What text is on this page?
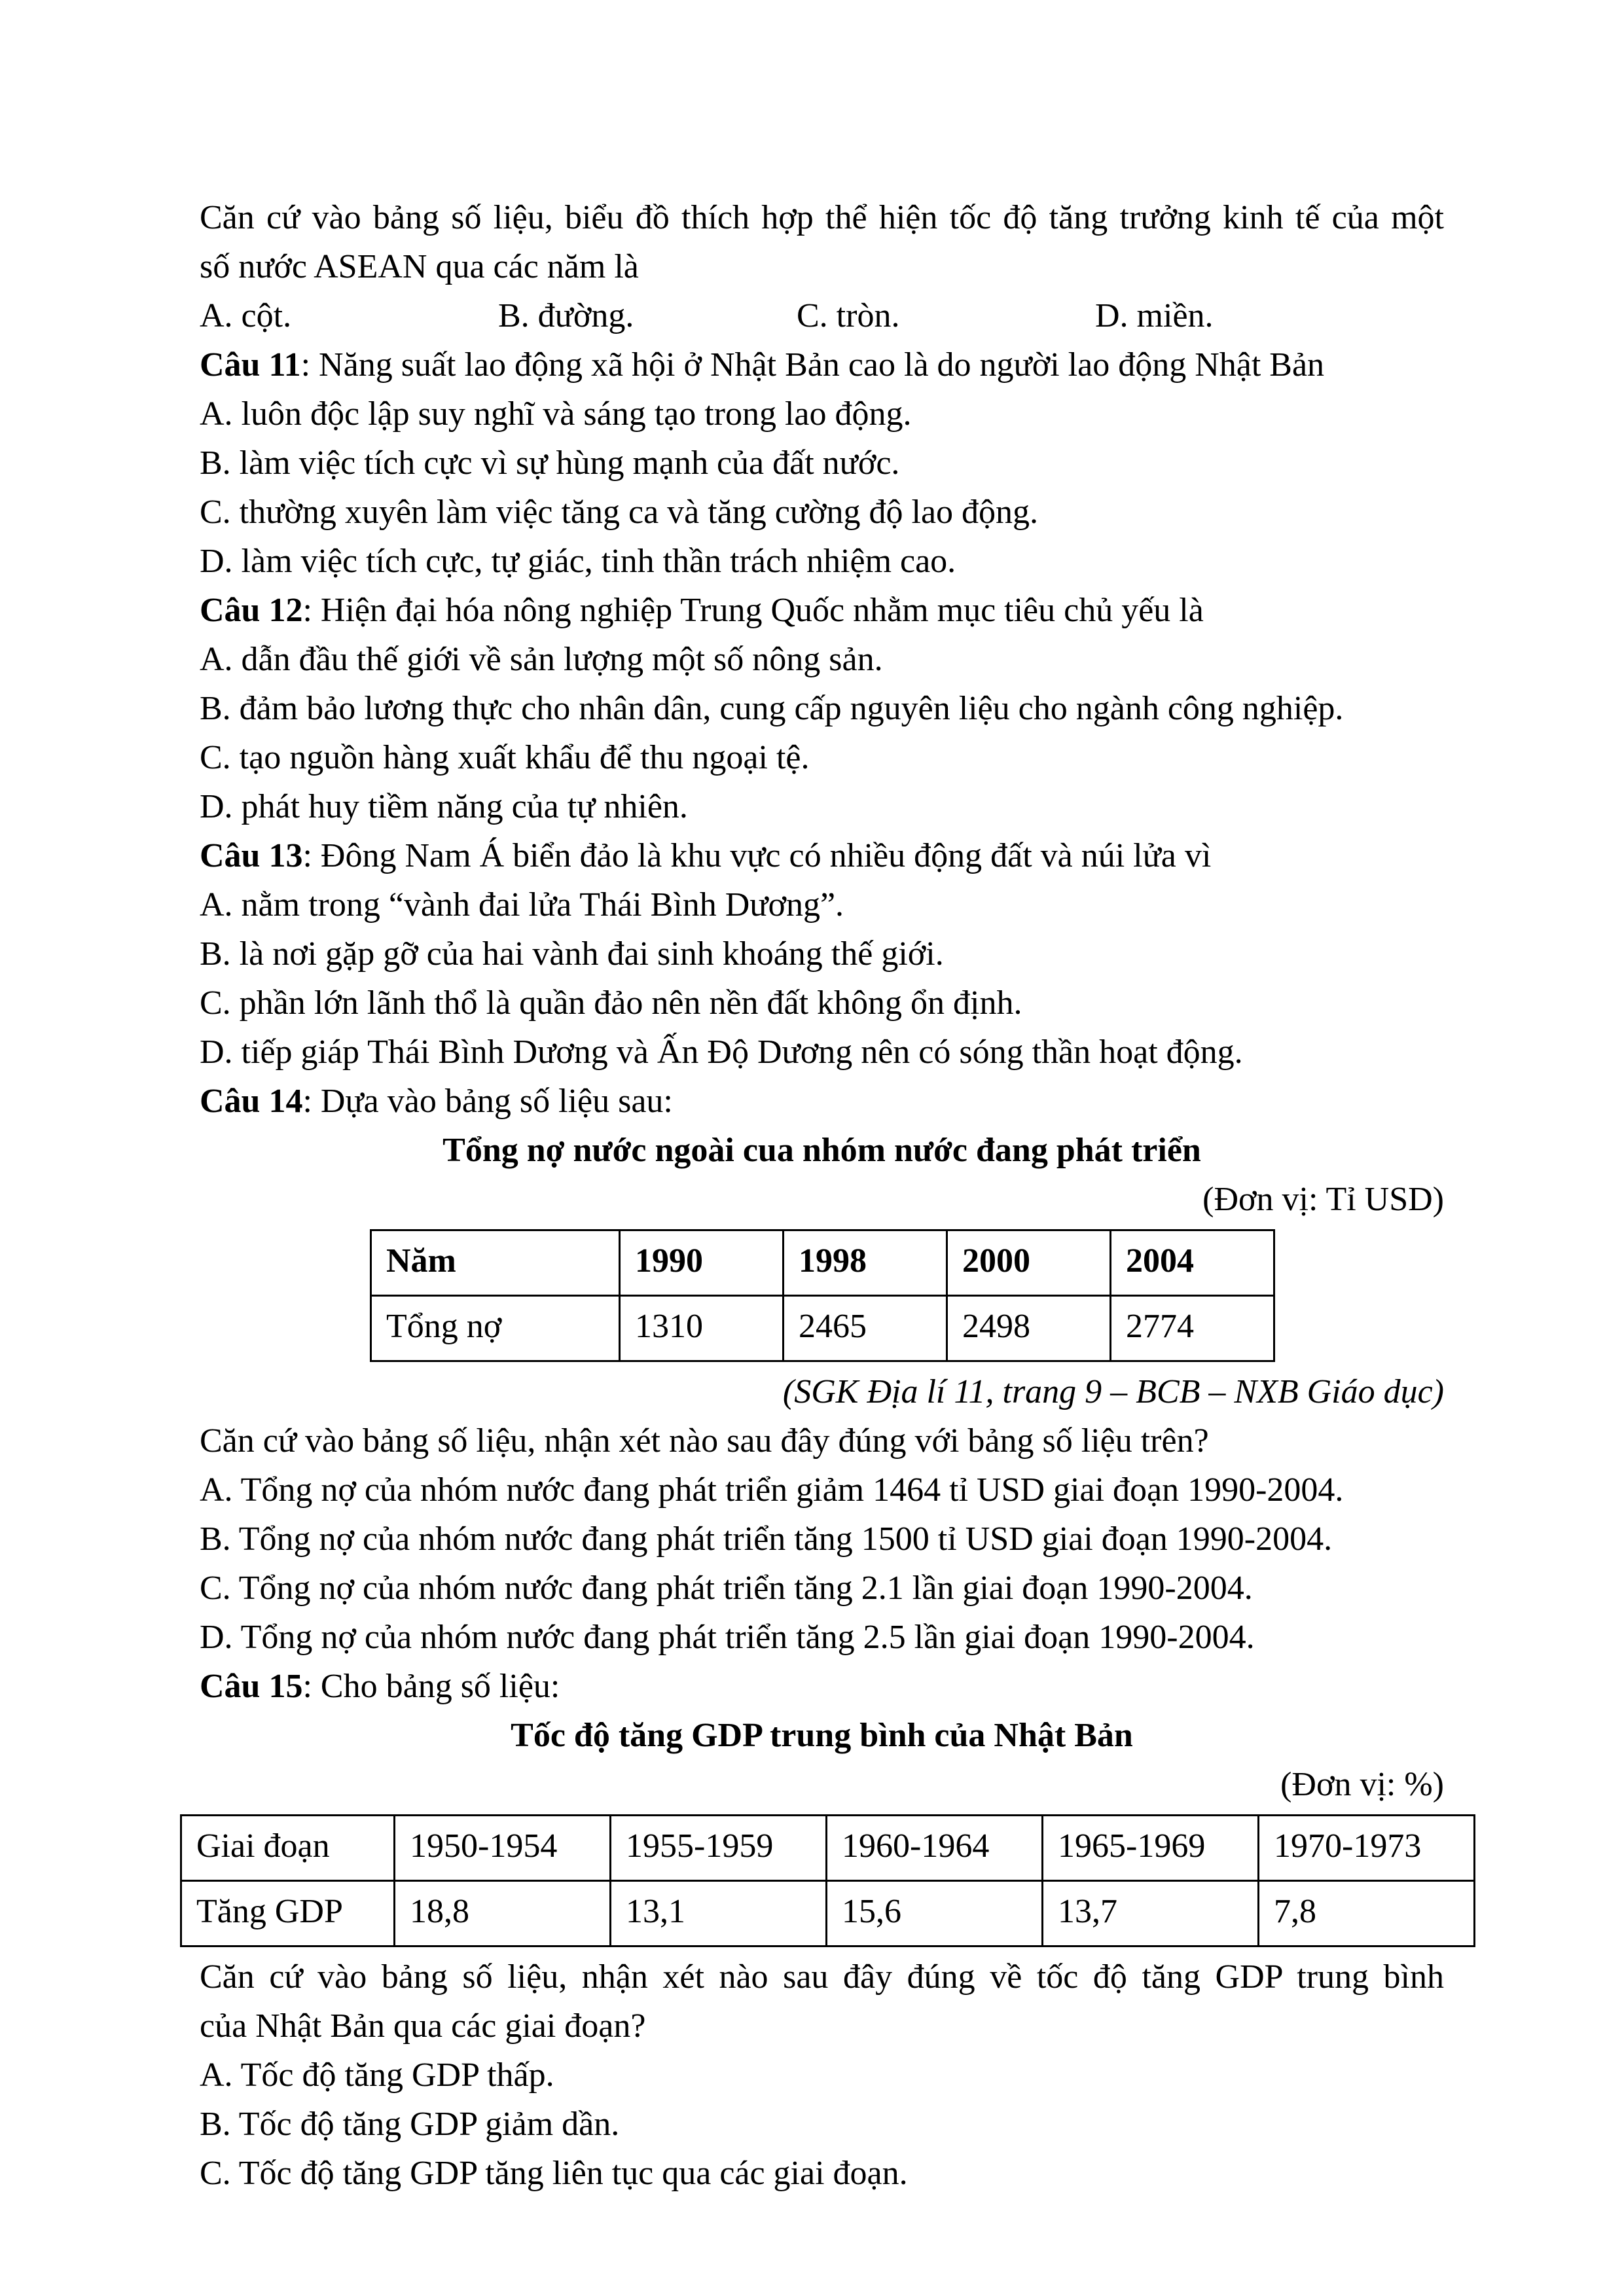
Căn cứ vào bảng số liệu, biểu đồ thích hợp thể hiện tốc độ tăng trưởng kinh tế của một
số nước ASEAN qua các năm là
A. cột.	B. đường.	C. tròn.	D. miền.
Câu 11: Năng suất lao động xã hội ở Nhật Bản cao là do người lao động Nhật Bản
A. luôn độc lập suy nghĩ và sáng tạo trong lao động.
B. làm việc tích cực vì sự hùng mạnh của đất nước.
C. thường xuyên làm việc tăng ca và tăng cường độ lao động.
D. làm việc tích cực, tự giác, tinh thần trách nhiệm cao.
Câu 12: Hiện đại hóa nông nghiệp Trung Quốc nhằm mục tiêu chủ yếu là
A. dẫn đầu thế giới về sản lượng một số nông sản.
B. đảm bảo lương thực cho nhân dân, cung cấp nguyên liệu cho ngành công nghiệp.
C. tạo nguồn hàng xuất khẩu để thu ngoại tệ.
D. phát huy tiềm năng của tự nhiên.
Câu 13: Đông Nam Á biển đảo là khu vực có nhiều động đất và núi lửa vì
A. nằm trong “vành đai lửa Thái Bình Dương”.
B. là nơi gặp gỡ của hai vành đai sinh khoáng thế giới.
C. phần lớn lãnh thổ là quần đảo nên nền đất không ổn định.
D. tiếp giáp Thái Bình Dương và Ấn Độ Dương nên có sóng thần hoạt động.
Câu 14: Dựa vào bảng số liệu sau:
Tổng nợ nước ngoài cua nhóm nước đang phát triển
(Đơn vị: Tỉ USD)
Năm	1990	1998	2000	2004
Tổng nợ	1310	2465	2498	2774
(SGK Địa lí 11, trang 9 – BCB – NXB Giáo dục)
Căn cứ vào bảng số liệu, nhận xét nào sau đây đúng với bảng số liệu trên?
A. Tổng nợ của nhóm nước đang phát triển giảm 1464 tỉ USD giai đoạn 1990-2004.
B. Tổng nợ của nhóm nước đang phát triển tăng 1500 tỉ USD giai đoạn 1990-2004.
C. Tổng nợ của nhóm nước đang phát triển tăng 2.1 lần giai đoạn 1990-2004.
D. Tổng nợ của nhóm nước đang phát triển tăng 2.5 lần giai đoạn 1990-2004.
Câu 15: Cho bảng số liệu:
Tốc độ tăng GDP trung bình của Nhật Bản
(Đơn vị: %)
Giai đoạn	1950-1954	1955-1959	1960-1964	1965-1969	1970-1973
Tăng GDP	18,8	13,1	15,6	13,7	7,8
Căn cứ vào bảng số liệu, nhận xét nào sau đây đúng về tốc độ tăng GDP trung bình
của Nhật Bản qua các giai đoạn?
A. Tốc độ tăng GDP thấp.
B. Tốc độ tăng GDP giảm dần.
C. Tốc độ tăng GDP tăng liên tục qua các giai đoạn.
